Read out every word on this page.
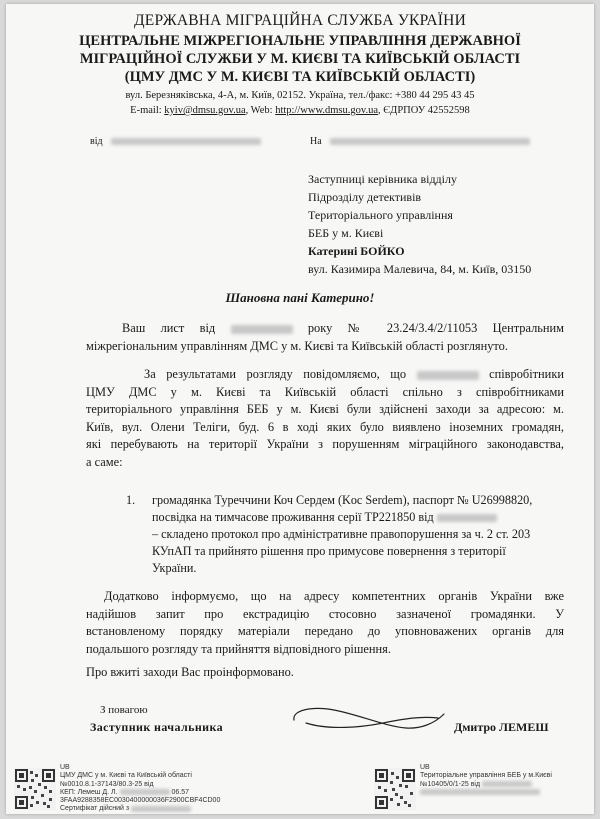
ДЕРЖАВНА МІГРАЦІЙНА СЛУЖБА УКРАЇНИ
ЦЕНТРАЛЬНЕ МІЖРЕГІОНАЛЬНЕ УПРАВЛІННЯ ДЕРЖАВНОЇ
МІГРАЦІЙНОЇ СЛУЖБИ У М. КИЄВІ ТА КИЇВСЬКІЙ ОБЛАСТІ
(ЦМУ ДМС У М. КИЄВІ ТА КИЇВСЬКІЙ ОБЛАСТІ)
вул. Березняківська, 4-А, м. Київ, 02152. Україна, тел./факс: +380 44 295 43 45
E-mail: kyiv@dmsu.gov.ua, Web: http://www.dmsu.gov.ua, ЄДРПОУ 42552598
від	На
Заступниці керівника відділу
Підрозділу детективів
Територіального управління
БЕБ у м. Києві
Катерині БОЙКО
вул. Казимира Малевича, 84, м. Київ, 03150
Шановна пані Катерино!
Ваш лист від	року № 23.24/3.4/2/11053 Центральним
міжрегіональним управлінням ДМС у м. Києві та Київській області розглянуто.
За результатами розгляду повідомляємо, що	співробітники
ЦМУ ДМС у м. Києві та Київській області спільно з співробітниками
територіального управління БЕБ у м. Києві були здійснені заходи за адресою: м.
Київ, вул. Олени Теліги, буд. 6 в ході яких було виявлено іноземних громадян,
які перебувають на території України з порушенням міграційного законодавства,
а саме:
1. громадянка Туреччини Коч Сердем (Koc Serdem), паспорт № U26998820,
посвідка на тимчасове проживання серії TP221850 від
– складено протокол про адміністративне правопорушення за ч. 2 ст. 203
КУпАП та прийнято рішення про примусове повернення з території
України.
Додатково інформуємо, що на адресу компетентних органів України вже
надійшов запит про екстрадицію стосовно зазначеної громадянки. У
встановленому порядку матеріали передано до уповноважених органів для
подальшого розгляду та прийняття відповідного рішення.
Про вжиті заходи Вас проінформовано.
З повагою
Заступник начальника	Дмитро ЛЕМЕШ
UB
ЦМУ ДМС у м. Києві та Київській області
№0010.8.1-37143/80.3-25 від
КЕП: Лемеш Д. Л.	06.57
3FAA9288358EC0030400000036F2900CBF4CD00
Сертифікат дійсний з
UB
Територіальне управління БЕБ у м.Києві
№10405/0/1-25 від
